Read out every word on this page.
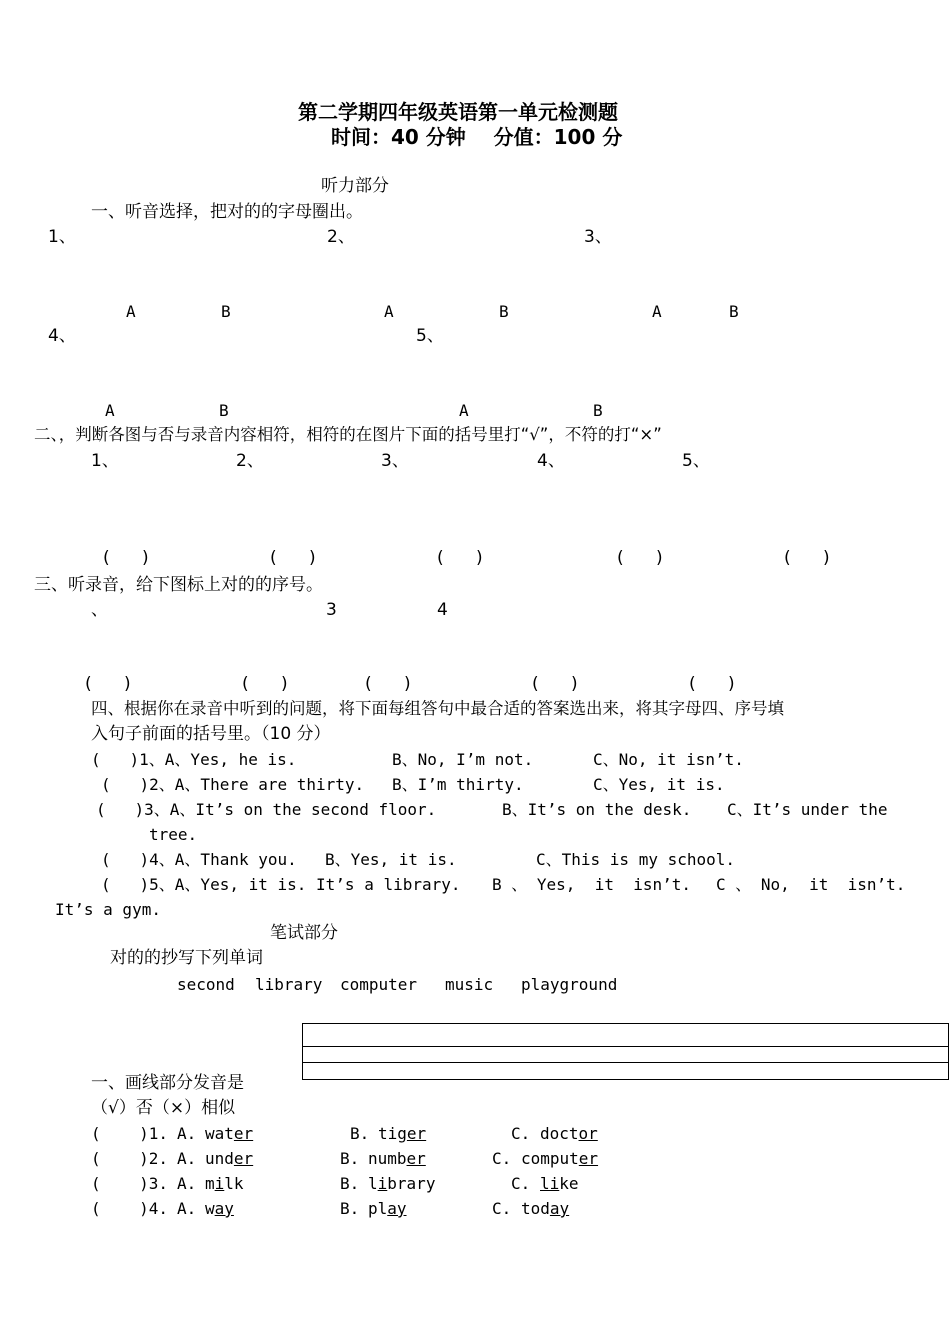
第二学期四年级英语第一单元检测题
时间：40 分钟    分值：100 分
听力部分
一、听音选择，把对的的字母圈出。
1、	2、	3、
A	B	A	B	A	B
4、	5、
A	B	A	B
二、，判断各图与否与录音内容相符，相符的在图片下面的括号里打“√”，不符的打“×”
1、	2、	3、	4、	5、
(      )	(      )	(      )	(      )	(      )
三、听录音，给下图标上对的的序号。
、	3	4
(      )	(      )	(      )	(      )	(      )
四、根据你在录音中听到的问题，将下面每组答句中最合适的答案选出来，将其字母四、序号填
入句子前面的括号里。（10 分）
(   )1、A、Yes, he is.	B、No, I’m not.	C、No, it isn’t.
(   )2、A、There are thirty. B、I’m thirty.	C、Yes, it is.
(   )3、A、It’s on the second floor.	B、It’s on the desk. C、It’s under the
tree.
(   )4、A、Thank you. B、Yes, it is.	C、This is my school.
(   )5、A、Yes, it is. It’s a library. B 、 Yes,  it  isn’t. C 、 No,  it  isn’t.
It’s a gym.
笔试部分
对的的抄写下列单词
second library computer music playground
一、画线部分发音是
（√）否（×）相似
(    )1. A. water	B. tiger	C. doctor
(    )2. A. under	B. number	C. computer
(    )3. A. milk	B. library	C. like
(    )4. A. way	B. play	C. today
